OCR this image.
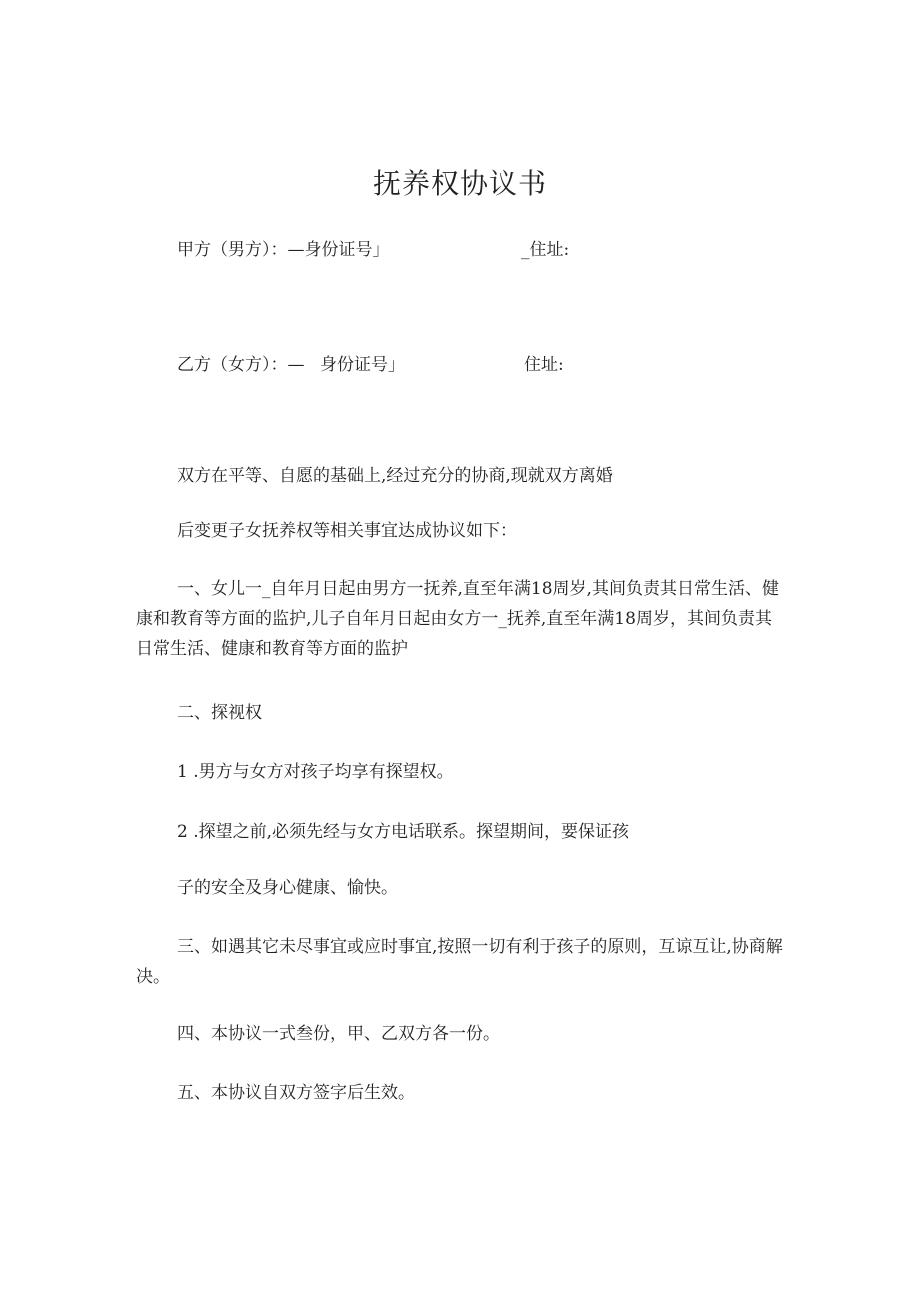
抚养权协议书
甲方（男方）：—身份证号」	_住址:
乙方（女方）：— 身份证号」	住址:
双方在平等、自愿的基础上,经过充分的协商,现就双方离婚
后变更子女抚养权等相关事宜达成协议如下：
一、女儿一_自年月日起由男方一抚养,直至年满18周岁,其间负责其日常生活、健康和教育等方面的监护,儿子自年月日起由女方一_抚养,直至年满18周岁，其间负责其日常生活、健康和教育等方面的监护
二、探视权
1 .男方与女方对孩子均享有探望权。
2 .探望之前,必须先经与女方电话联系。探望期间，要保证孩
子的安全及身心健康、愉快。
三、如遇其它未尽事宜或应时事宜,按照一切有利于孩子的原则，互谅互让,协商解决。
四、本协议一式叁份，甲、乙双方各一份。
五、本协议自双方签字后生效。
